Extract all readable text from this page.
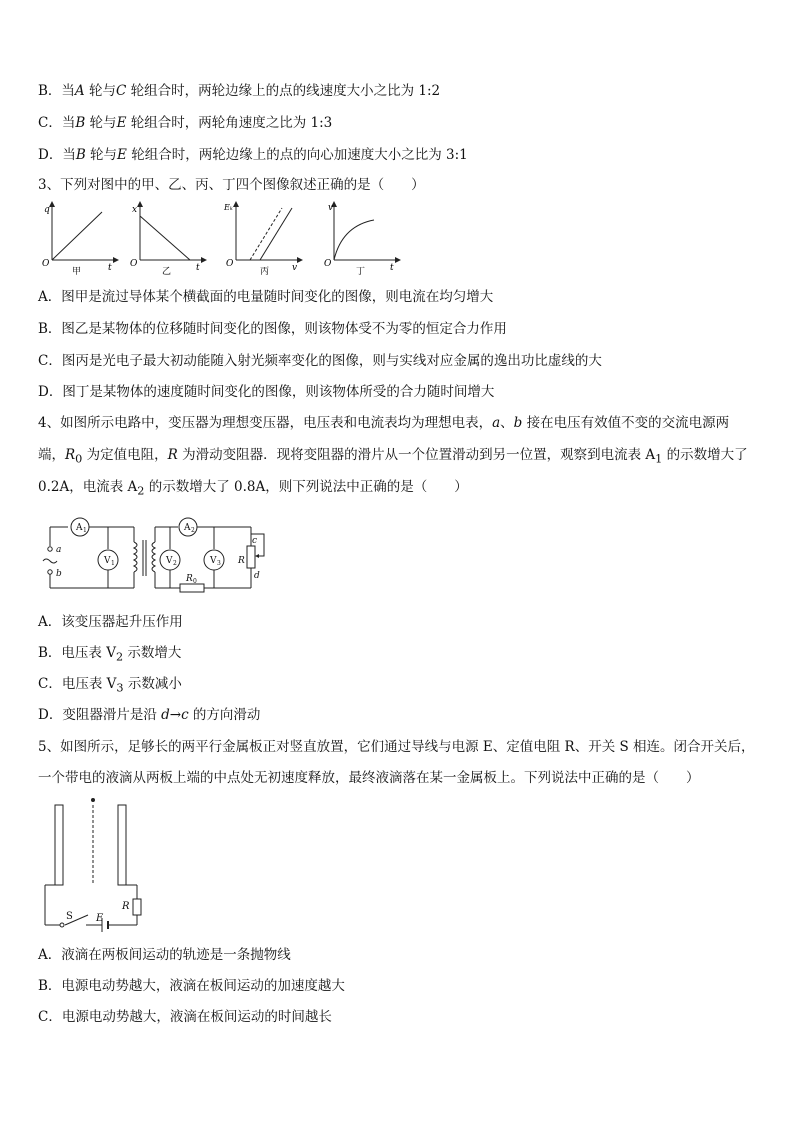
B．当A 轮与C 轮组合时，两轮边缘上的点的线速度大小之比为 1:2
C．当B 轮与E 轮组合时，两轮角速度之比为 1:3
D．当B 轮与E 轮组合时，两轮边缘上的点的向心加速度大小之比为 3:1
3、下列对图中的甲、乙、丙、丁四个图像叙述正确的是（　　）
q
t
O
甲
x
t
O
乙
Eₖ
v
O
丙
v
t
O
丁
A．图甲是流过导体某个横截面的电量随时间变化的图像，则电流在均匀增大
B．图乙是某物体的位移随时间变化的图像，则该物体受不为零的恒定合力作用
C．图丙是光电子最大初动能随入射光频率变化的图像，则与实线对应金属的逸出功比虚线的大
D．图丁是某物体的速度随时间变化的图像，则该物体所受的合力随时间增大
4、如图所示电路中，变压器为理想变压器，电压表和电流表均为理想电表，a、b 接在电压有效值不变的交流电源两
端，$R_0$ 为定值电阻，R 为滑动变阻器．现将变阻器的滑片从一个位置滑动到另一位置，观察到电流表 $A_1$ 的示数增大了
0.2A，电流表 $A_2$ 的示数增大了 0.8A，则下列说法中正确的是（　　）
A 1	A 2
V 1	V 2	V 3
a
b
c
d
R
R 0
A．该变压器起升压作用
B．电压表 $V_2$ 示数增大
C．电压表 $V_3$ 示数减小
D．变阻器滑片是沿 d→c 的方向滑动
5、如图所示，足够长的两平行金属板正对竖直放置，它们通过导线与电源 E、定值电阻 R、开关 S 相连。闭合开关后，
一个带电的液滴从两板上端的中点处无初速度释放，最终液滴落在某一金属板上。下列说法中正确的是（　　）
S E
R
A．液滴在两板间运动的轨迹是一条抛物线
B．电源电动势越大，液滴在板间运动的加速度越大
C．电源电动势越大，液滴在板间运动的时间越长
